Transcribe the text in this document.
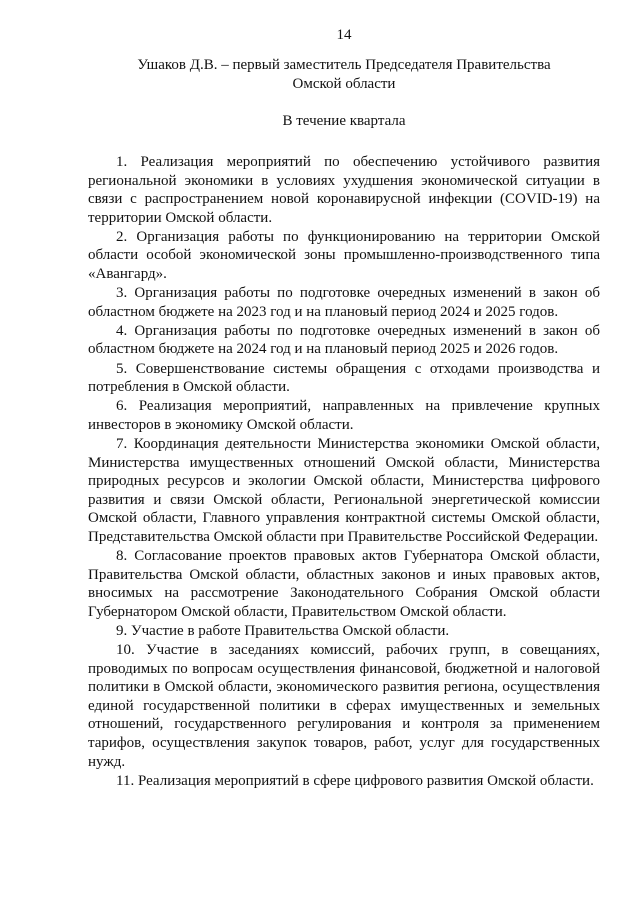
14

Ушаков Д.В. – первый заместитель Председателя Правительства

Омской области

В течение квартала

1. Реализация мероприятий по обеспечению устойчивого развития региональной экономики в условиях ухудшения экономической ситуации в связи с распространением новой коронавирусной инфекции (COVID-19) на территории Омской области.

2. Организация работы по функционированию на территории Омской области особой экономической зоны промышленно-производственного типа «Авангард».

3. Организация работы по подготовке очередных изменений в закон об областном бюджете на 2023 год и на плановый период 2024 и 2025 годов.

4. Организация работы по подготовке очередных изменений в закон об областном бюджете на 2024 год и на плановый период 2025 и 2026 годов.

5. Совершенствование системы обращения с отходами производства и потребления в Омской области.

6. Реализация мероприятий, направленных на привлечение крупных инвесторов в экономику Омской области.

7. Координация деятельности Министерства экономики Омской области, Министерства имущественных отношений Омской области, Министерства природных ресурсов и экологии Омской области, Министерства цифрового развития и связи Омской области, Региональной энергетической комиссии Омской области, Главного управления контрактной системы Омской области, Представительства Омской области при Правительстве Российской Федерации.

8. Согласование проектов правовых актов Губернатора Омской области, Правительства Омской области, областных законов и иных правовых актов, вносимых на рассмотрение Законодательного Собрания Омской области Губернатором Омской области, Правительством Омской области.

9. Участие в работе Правительства Омской области.

10. Участие в заседаниях комиссий, рабочих групп, в совещаниях, проводимых по вопросам осуществления финансовой, бюджетной и налоговой политики в Омской области, экономического развития региона, осуществления единой государственной политики в сферах имущественных и земельных отношений, государственного регулирования и контроля за применением тарифов, осуществления закупок товаров, работ, услуг для государственных нужд.

11. Реализация мероприятий в сфере цифрового развития Омской области.
